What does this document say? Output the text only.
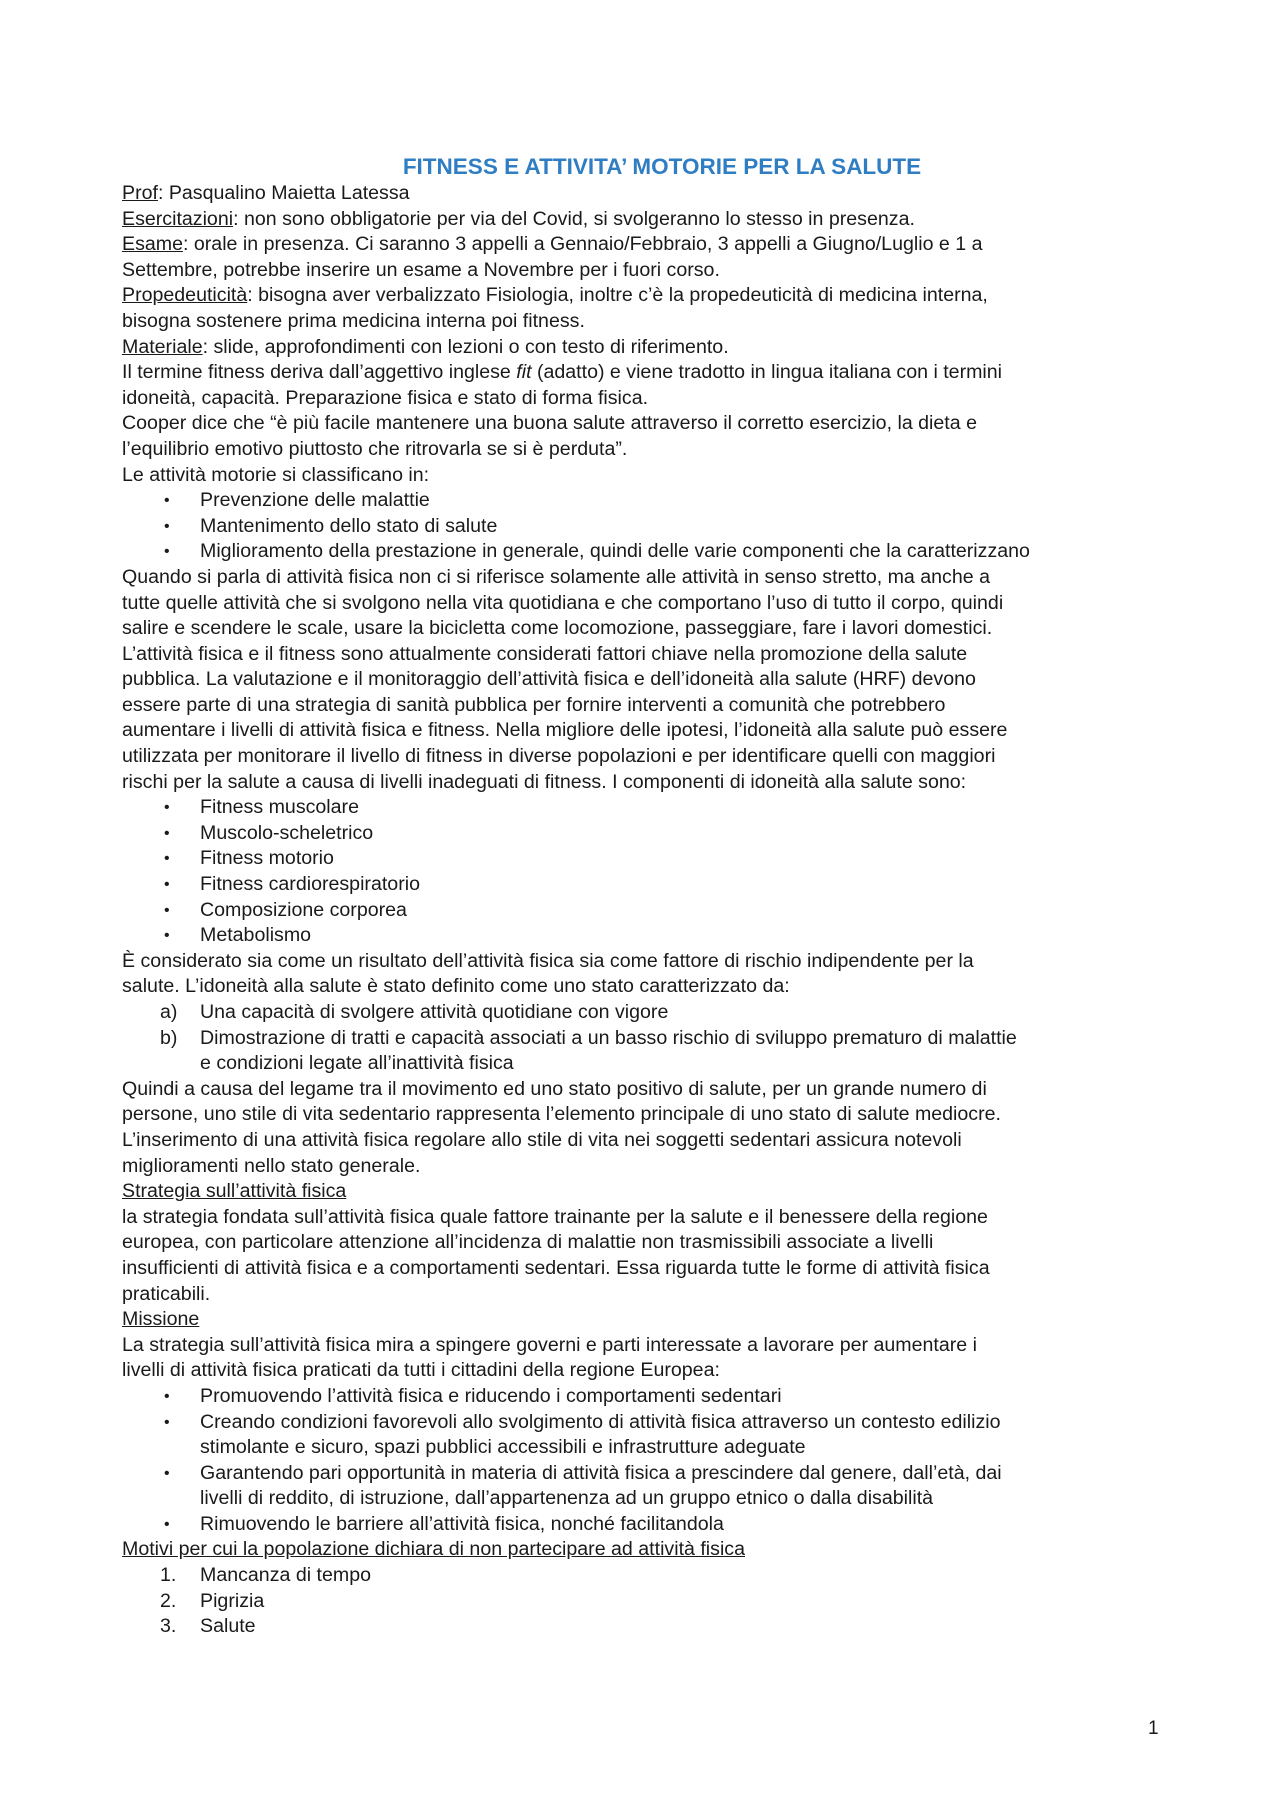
FITNESS E ATTIVITA’ MOTORIE PER LA SALUTE

Prof: Pasqualino Maietta Latessa

Esercitazioni: non sono obbligatorie per via del Covid, si svolgeranno lo stesso in presenza.

Esame: orale in presenza. Ci saranno 3 appelli a Gennaio/Febbraio, 3 appelli a Giugno/Luglio e 1 a

Settembre, potrebbe inserire un esame a Novembre per i fuori corso.

Propedeuticità: bisogna aver verbalizzato Fisiologia, inoltre c’è la propedeuticità di medicina interna,

bisogna sostenere prima medicina interna poi fitness.

Materiale: slide, approfondimenti con lezioni o con testo di riferimento.

Il termine fitness deriva dall’aggettivo inglese fit (adatto) e viene tradotto in lingua italiana con i termini

idoneità, capacità. Preparazione fisica e stato di forma fisica.

Cooper dice che “è più facile mantenere una buona salute attraverso il corretto esercizio, la dieta e

l’equilibrio emotivo piuttosto che ritrovarla se si è perduta”.

Le attività motorie si classificano in:

• Prevenzione delle malattie
• Mantenimento dello stato di salute
• Miglioramento della prestazione in generale, quindi delle varie componenti che la caratterizzano

Quando si parla di attività fisica non ci si riferisce solamente alle attività in senso stretto, ma anche a

tutte quelle attività che si svolgono nella vita quotidiana e che comportano l’uso di tutto il corpo, quindi

salire e scendere le scale, usare la bicicletta come locomozione, passeggiare, fare i lavori domestici.

L’attività fisica e il fitness sono attualmente considerati fattori chiave nella promozione della salute

pubblica. La valutazione e il monitoraggio dell’attività fisica e dell’idoneità alla salute (HRF) devono

essere parte di una strategia di sanità pubblica per fornire interventi a comunità che potrebbero

aumentare i livelli di attività fisica e fitness. Nella migliore delle ipotesi, l’idoneità alla salute può essere

utilizzata per monitorare il livello di fitness in diverse popolazioni e per identificare quelli con maggiori

rischi per la salute a causa di livelli inadeguati di fitness. I componenti di idoneità alla salute sono:

• Fitness muscolare
• Muscolo-scheletrico
• Fitness motorio
• Fitness cardiorespiratorio
• Composizione corporea
• Metabolismo

È considerato sia come un risultato dell’attività fisica sia come fattore di rischio indipendente per la

salute. L’idoneità alla salute è stato definito come uno stato caratterizzato da:

a) Una capacità di svolgere attività quotidiane con vigore
b) Dimostrazione di tratti e capacità associati a un basso rischio di sviluppo prematuro di malattie
e condizioni legate all’inattività fisica

Quindi a causa del legame tra il movimento ed uno stato positivo di salute, per un grande numero di

persone, uno stile di vita sedentario rappresenta l’elemento principale di uno stato di salute mediocre.

L’inserimento di una attività fisica regolare allo stile di vita nei soggetti sedentari assicura notevoli

miglioramenti nello stato generale.

Strategia sull’attività fisica

la strategia fondata sull’attività fisica quale fattore trainante per la salute e il benessere della regione

europea, con particolare attenzione all’incidenza di malattie non trasmissibili associate a livelli

insufficienti di attività fisica e a comportamenti sedentari. Essa riguarda tutte le forme di attività fisica

praticabili.

Missione

La strategia sull’attività fisica mira a spingere governi e parti interessate a lavorare per aumentare i

livelli di attività fisica praticati da tutti i cittadini della regione Europea:

• Promuovendo l’attività fisica e riducendo i comportamenti sedentari
• Creando condizioni favorevoli allo svolgimento di attività fisica attraverso un contesto edilizio
stimolante e sicuro, spazi pubblici accessibili e infrastrutture adeguate
• Garantendo pari opportunità in materia di attività fisica a prescindere dal genere, dall’età, dai
livelli di reddito, di istruzione, dall’appartenenza ad un gruppo etnico o dalla disabilità
• Rimuovendo le barriere all’attività fisica, nonché facilitandola

Motivi per cui la popolazione dichiara di non partecipare ad attività fisica

1. Mancanza di tempo
2. Pigrizia
3. Salute
1
